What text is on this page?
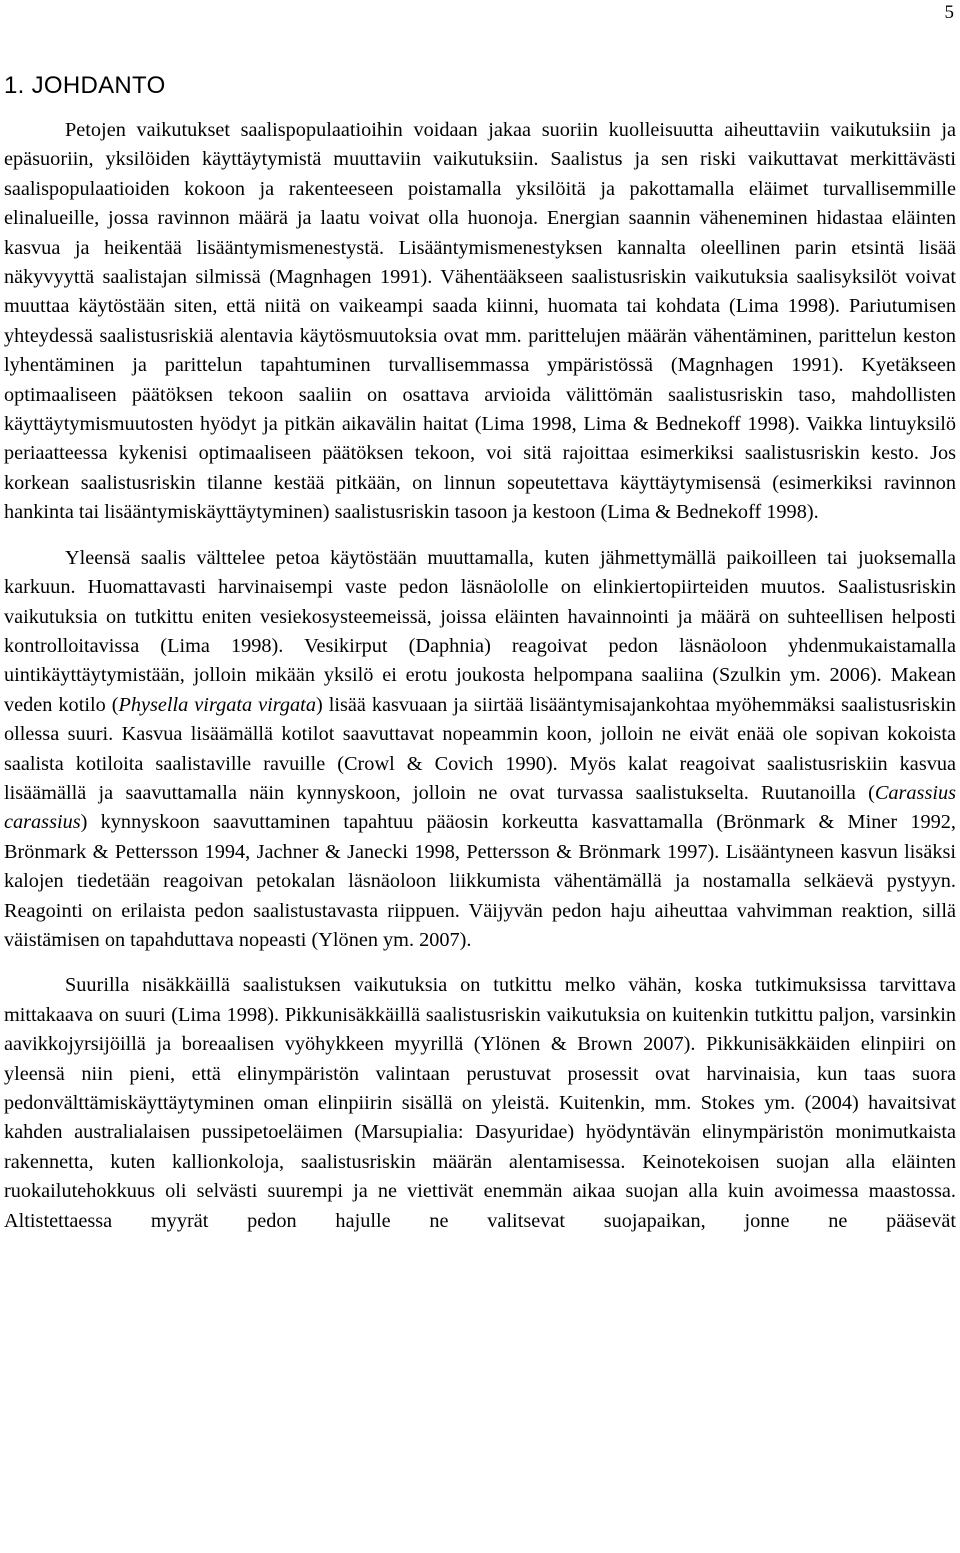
5
1. JOHDANTO

Petojen vaikutukset saalispopulaatioihin voidaan jakaa suoriin kuolleisuutta aiheuttaviin vaikutuksiin ja epäsuoriin, yksilöiden käyttäytymistä muuttaviin vaikutuksiin. Saalistus ja sen riski vaikuttavat merkittävästi saalispopulaatioiden kokoon ja rakenteeseen poistamalla yksilöitä ja pakottamalla eläimet turvallisemmille elinalueille, jossa ravinnon määrä ja laatu voivat olla huonoja. Energian saannin väheneminen hidastaa eläinten kasvua ja heikentää lisääntymismenestystä. Lisääntymismenestyksen kannalta oleellinen parin etsintä lisää näkyvyyttä saalistajan silmissä (Magnhagen 1991). Vähentääkseen saalistusriskin vaikutuksia saalisyksilöt voivat muuttaa käytöstään siten, että niitä on vaikeampi saada kiinni, huomata tai kohdata (Lima 1998). Pariutumisen yhteydessä saalistusriskiä alentavia käytösmuutoksia ovat mm. parittelujen määrän vähentäminen, parittelun keston lyhentäminen ja parittelun tapahtuminen turvallisemmassa ympäristössä (Magnhagen 1991). Kyetäkseen optimaaliseen päätöksen tekoon saaliin on osattava arvioida välittömän saalistusriskin taso, mahdollisten käyttäytymismuutosten hyödyt ja pitkän aikavälin haitat (Lima 1998, Lima & Bednekoff 1998). Vaikka lintuyksilö periaatteessa kykenisi optimaaliseen päätöksen tekoon, voi sitä rajoittaa esimerkiksi saalistusriskin kesto. Jos korkean saalistusriskin tilanne kestää pitkään, on linnun sopeutettava käyttäytymisensä (esimerkiksi ravinnon hankinta tai lisääntymiskäyttäytyminen) saalistusriskin tasoon ja kestoon (Lima & Bednekoff 1998).

Yleensä saalis välttelee petoa käytöstään muuttamalla, kuten jähmettymällä paikoilleen tai juoksemalla karkuun. Huomattavasti harvinaisempi vaste pedon läsnäololle on elinkiertopiirteiden muutos. Saalistusriskin vaikutuksia on tutkittu eniten vesiekosysteemeissä, joissa eläinten havainnointi ja määrä on suhteellisen helposti kontrolloitavissa (Lima 1998). Vesikirput (Daphnia) reagoivat pedon läsnäoloon yhdenmukaistamalla uintikäyttäytymistään, jolloin mikään yksilö ei erotu joukosta helpompana saaliina (Szulkin ym. 2006). Makean veden kotilo (Physella virgata virgata) lisää kasvuaan ja siirtää lisääntymisajankohtaa myöhemmäksi saalistusriskin ollessa suuri. Kasvua lisäämällä kotilot saavuttavat nopeammin koon, jolloin ne eivät enää ole sopivan kokoista saalista kotiloita saalistaville ravuille (Crowl & Covich 1990). Myös kalat reagoivat saalistusriskiin kasvua lisäämällä ja saavuttamalla näin kynnyskoon, jolloin ne ovat turvassa saalistukselta. Ruutanoilla (Carassius carassius) kynnyskoon saavuttaminen tapahtuu pääosin korkeutta kasvattamalla (Brönmark & Miner 1992, Brönmark & Pettersson 1994, Jachner & Janecki 1998, Pettersson & Brönmark 1997). Lisääntyneen kasvun lisäksi kalojen tiedetään reagoivan petokalan läsnäoloon liikkumista vähentämällä ja nostamalla selkäevä pystyyn. Reagointi on erilaista pedon saalistustavasta riippuen. Väijyvän pedon haju aiheuttaa vahvimman reaktion, sillä väistämisen on tapahduttava nopeasti (Ylönen ym. 2007).

Suurilla nisäkkäillä saalistuksen vaikutuksia on tutkittu melko vähän, koska tutkimuksissa tarvittava mittakaava on suuri (Lima 1998). Pikkunisäkkäillä saalistusriskin vaikutuksia on kuitenkin tutkittu paljon, varsinkin aavikkojyrsijöillä ja boreaalisen vyöhykkeen myyrillä (Ylönen & Brown 2007). Pikkunisäkkäiden elinpiiri on yleensä niin pieni, että elinympäristön valintaan perustuvat prosessit ovat harvinaisia, kun taas suora pedonvälttämiskäyttäytyminen oman elinpiirin sisällä on yleistä. Kuitenkin, mm. Stokes ym. (2004) havaitsivat kahden australialaisen pussipetoeläimen (Marsupialia: Dasyuridae) hyödyntävän elinympäristön monimutkaista rakennetta, kuten kallionkoloja, saalistusriskin määrän alentamisessa. Keinotekoisen suojan alla eläinten ruokailutehokkuus oli selvästi suurempi ja ne viettivät enemmän aikaa suojan alla kuin avoimessa maastossa. Altistettaessa myyrät pedon hajulle ne valitsevat suojapaikan, jonne ne pääsevät
